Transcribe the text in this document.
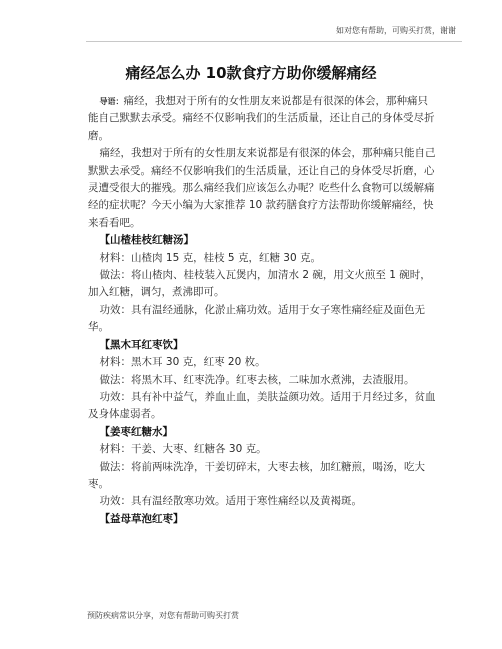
如对您有帮助，可购买打赏，谢谢
痛经怎么办 10款食疗方助你缓解痛经

导语：痛经，我想对于所有的女性朋友来说都是有很深的体会，那种痛只能自己默默去承受。痛经不仅影响我们的生活质量，还让自己的身体受尽折磨。

痛经，我想对于所有的女性朋友来说都是有很深的体会，那种痛只能自己默默去承受。痛经不仅影响我们的生活质量，还让自己的身体受尽折磨，心灵遭受很大的摧残。那么痛经我们应该怎么办呢？吃些什么食物可以缓解痛经的症状呢？今天小编为大家推荐 10 款药膳食疗方法帮助你缓解痛经，快来看看吧。

【山楂桂枝红糖汤】

材料：山楂肉 15 克，桂枝 5 克，红糖 30 克。

做法：将山楂肉、桂枝装入瓦煲内，加清水 2 碗，用文火煎至 1 碗时，加入红糖，调匀，煮沸即可。

功效：具有温经通脉，化淤止痛功效。适用于女子寒性痛经症及面色无华。

【黑木耳红枣饮】

材料：黑木耳 30 克，红枣 20 枚。

做法：将黑木耳、红枣洗净。红枣去核，二味加水煮沸，去渣服用。

功效：具有补中益气，养血止血，美肤益颜功效。适用于月经过多，贫血及身体虚弱者。

【姜枣红糖水】

材料：干姜、大枣、红糖各 30 克。

做法：将前两味洗净，干姜切碎末，大枣去核，加红糖煎，喝汤，吃大枣。

功效：具有温经散寒功效。适用于寒性痛经以及黄褐斑。

【益母草泡红枣】

预防疾病常识分享，对您有帮助可购买打赏
